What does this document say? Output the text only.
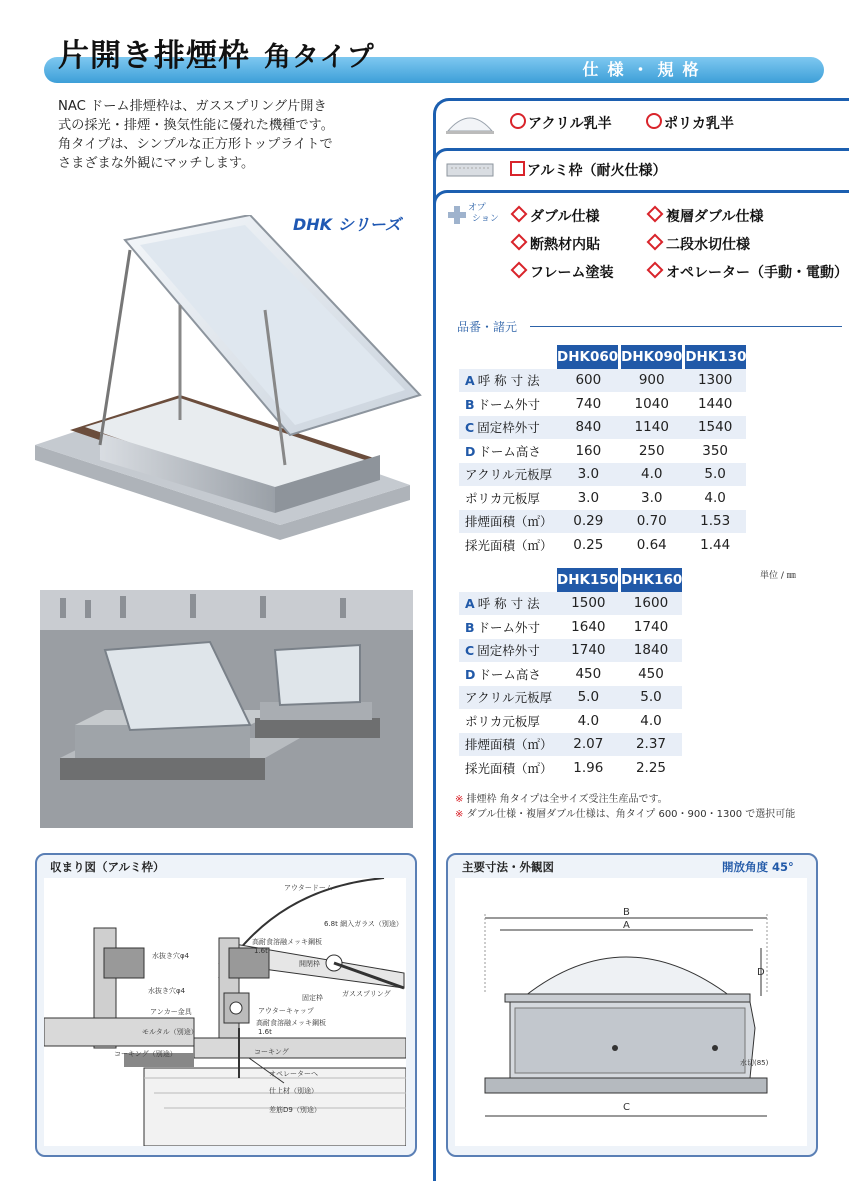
片開き排煙枠 角タイプ	仕様・規格

NAC ドーム排煙枠は、ガススプリング片開き

式の採光・排煙・換気性能に優れた機種です。

角タイプは、シンプルな正方形トップライトで

さまざまな外観にマッチします。

DHK シリーズ
アクリル乳半	ポリカ乳半
アルミ枠（耐火仕様）
オプ
ション	ダブル仕様	複層ダブル仕様
断熱材内貼	二段水切仕様
フレーム塗装	オペレーター（手動・電動）
品番・諸元
	DHK060	DHK090	DHK130
A 呼 称 寸 法	600	900	1300
B ドーム外寸	740	1040	1440
C 固定枠外寸	840	1140	1540
D ドーム高さ	160	250	350
アクリル元板厚	3.0	4.0	5.0
ポリカ元板厚	3.0	3.0	4.0
排煙面積（㎡）	0.29	0.70	1.53
採光面積（㎡）	0.25	0.64	1.44
単位 / ㎜
	DHK150	DHK160
A 呼 称 寸 法	1500	1600
B ドーム外寸	1640	1740
C 固定枠外寸	1740	1840
D ドーム高さ	450	450
アクリル元板厚	5.0	5.0
ポリカ元板厚	4.0	4.0
排煙面積（㎡）	2.07	2.37
採光面積（㎡）	1.96	2.25
※ 排煙枠 角タイプは全サイズ受注生産品です。
※ ダブル仕様・複層ダブル仕様は、角タイプ 600・900・1300 で選択可能
収まり図（アルミ枠）
アウタードーム
6.8t 網入ガラス（別途）
高耐食溶融メッキ鋼板
1.6t
水抜き穴φ4
開閉枠
ガススプリング
水抜き穴φ4
固定枠
アンカー金具	アウターキャップ
高耐食溶融メッキ鋼板
1.6t
モルタル（別途）
コーキング（別途）	コーキング
オペレーターへ
仕上材（別途）
差筋D9（別途）
主要寸法・外観図	開放角度 45°
B
A
D
C
水切(85)
